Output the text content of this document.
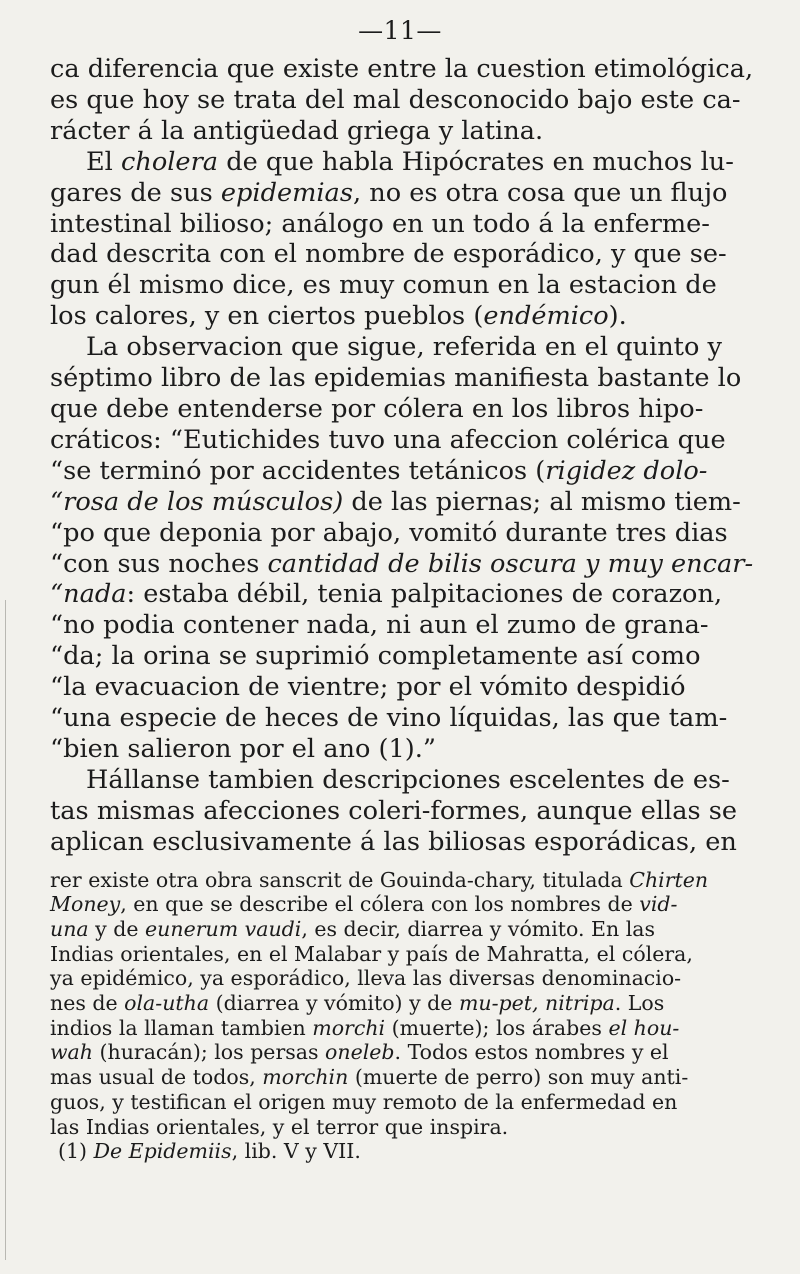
—11—
ca diferencia que existe entre la cuestion etimológica,
es que hoy se trata del mal desconocido bajo este ca-
rácter á la antigüedad griega y latina.
El cholera de que habla Hipócrates en muchos lu-
gares de sus epidemias, no es otra cosa que un flujo
intestinal bilioso; análogo en un todo á la enferme-
dad descrita con el nombre de esporádico, y que se-
gun él mismo dice, es muy comun en la estacion de
los calores, y en ciertos pueblos (endémico).
La observacion que sigue, referida en el quinto y
séptimo libro de las epidemias manifiesta bastante lo
que debe entenderse por cólera en los libros hipo-
cráticos: “Eutichides tuvo una afeccion colérica que
“se terminó por accidentes tetánicos (rigidez dolo-
“rosa de los músculos) de las piernas; al mismo tiem-
“po que deponia por abajo, vomitó durante tres dias
“con sus noches cantidad de bilis oscura y muy encar-
“nada: estaba débil, tenia palpitaciones de corazon,
“no podia contener nada, ni aun el zumo de grana-
“da; la orina se suprimió completamente así como
“la evacuacion de vientre; por el vómito despidió
“una especie de heces de vino líquidas, las que tam-
“bien salieron por el ano (1).”
Hállanse tambien descripciones escelentes de es-
tas mismas afecciones coleri-formes, aunque ellas se
aplican esclusivamente á las biliosas esporádicas, en
rer existe otra obra sanscrit de Gouinda-chary, titulada Chirten
Money, en que se describe el cólera con los nombres de vid-
una y de eunerum vaudi, es decir, diarrea y vómito. En las
Indias orientales, en el Malabar y país de Mahratta, el cólera,
ya epidémico, ya esporádico, lleva las diversas denominacio-
nes de ola-utha (diarrea y vómito) y de mu-pet, nitripa. Los
indios la llaman tambien morchi (muerte); los árabes el hou-
wah (huracán); los persas oneleb. Todos estos nombres y el
mas usual de todos, morchin (muerte de perro) son muy anti-
guos, y testifican el origen muy remoto de la enfermedad en
las Indias orientales, y el terror que inspira.
(1) De Epidemiis, lib. V y VII.
